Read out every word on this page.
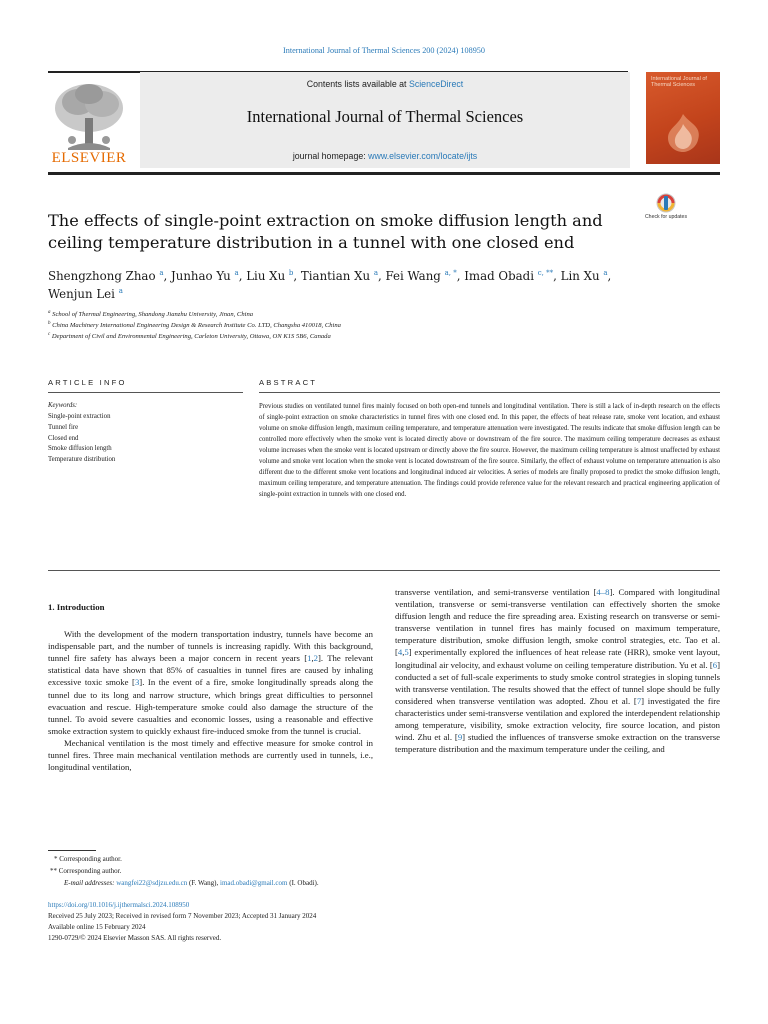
International Journal of Thermal Sciences 200 (2024) 108950
ELSEVIER
Contents lists available at ScienceDirect
International Journal of Thermal Sciences
journal homepage: www.elsevier.com/locate/ijts
International Journal of Thermal Sciences
The effects of single-point extraction on smoke diffusion length and ceiling temperature distribution in a tunnel with one closed end
Check for updates
Shengzhong Zhao $^a$, Junhao Yu $^a$, Liu Xu $^b$, Tiantian Xu $^a$, Fei Wang $^{a, *}$, Imad Obadi $^{c, **}$, Lin Xu $^a$,
Wenjun Lei $^a$
$^a$ School of Thermal Engineering, Shandong Jianzhu University, Jinan, China
$^b$ China Machinery International Engineering Design & Research Institute Co. LTD, Changsha 410018, China
$^c$ Department of Civil and Environmental Engineering, Carleton University, Ottawa, ON K1S 5B6, Canada
ARTICLE INFO	ABSTRACT
Keywords:
Single-point extraction
Tunnel fire
Closed end
Smoke diffusion length
Temperature distribution
Previous studies on ventilated tunnel fires mainly focused on both open-end tunnels and longitudinal ventilation. There is still a lack of in-depth research on the effects of single-point extraction on smoke characteristics in tunnel fires with one closed end. In this paper, the effects of heat release rate, smoke vent location, and exhaust volume on smoke diffusion length, maximum ceiling temperature, and temperature attenuation were investigated. The results indicate that smoke diffusion length can be controlled more effectively when the smoke vent is located directly above or downstream of the fire source. The maximum ceiling temperature decreases as exhaust volume increases when the smoke vent is located upstream or directly above the fire source. However, the maximum ceiling temperature is almost unaffected by exhaust volume and smoke vent location when the smoke vent is located downstream of the fire source. Similarly, the effect of exhaust volume on temperature attenuation is also different due to the different smoke vent locations and longitudinal induced air velocities. A series of models are finally proposed to predict the smoke diffusion length, maximum ceiling temperature, and temperature attenuation. The findings could provide reference value for the relevant research and practical engineering application of single-point extraction in tunnels with one closed end.
1. Introduction

With the development of the modern transportation industry, tunnels have become an indispensable part, and the number of tunnels is increasing rapidly. With this background, tunnel fire safety has always been a major concern in recent years [1,2]. The relevant statistical data have shown that 85% of casualties in tunnel fires are caused by inhaling excessive toxic smoke [3]. In the event of a fire, smoke longitudinally spreads along the tunnel due to its long and narrow structure, which brings great difficulties to personnel evacuation and rescue. High-temperature smoke could also damage the structure of the tunnel. To avoid severe casualties and economic losses, using a reasonable and effective smoke extraction system to quickly exhaust fire-induced smoke from the tunnel is crucial.

Mechanical ventilation is the most timely and effective measure for smoke control in tunnel fires. Three main mechanical ventilation methods are currently used in tunnels, i.e., longitudinal ventilation,

transverse ventilation, and semi-transverse ventilation [4–8]. Compared with longitudinal ventilation, transverse or semi-transverse ventilation can effectively shorten the smoke diffusion length and reduce the fire spreading area. Existing research on transverse or semi-transverse ventilation in tunnel fires has mainly focused on maximum temperature, temperature distribution, smoke diffusion length, smoke control strategies, etc. Tao et al. [4,5] experimentally explored the influences of heat release rate (HRR), smoke vent layout, longitudinal air velocity, and exhaust volume on ceiling temperature distribution. Yu et al. [6] conducted a set of full-scale experiments to study smoke control strategies in sloping tunnels with transverse ventilation. The results showed that the effect of tunnel slope should be fully considered when transverse ventilation was adopted. Zhou et al. [7] investigated the fire characteristics under semi-transverse ventilation and explored the interdependent relationship among temperature, visibility, smoke extraction velocity, fire source location, and piston wind. Zhu et al. [9] studied the influences of transverse smoke extraction on the transverse temperature distribution and the maximum temperature under the ceiling, and

* Corresponding author.
** Corresponding author.
E-mail addresses: wangfei22@sdjzu.edu.cn (F. Wang), imad.obadi@gmail.com (I. Obadi).
https://doi.org/10.1016/j.ijthermalsci.2024.108950
Received 25 July 2023; Received in revised form 7 November 2023; Accepted 31 January 2024
Available online 15 February 2024
1290-0729/© 2024 Elsevier Masson SAS. All rights reserved.
